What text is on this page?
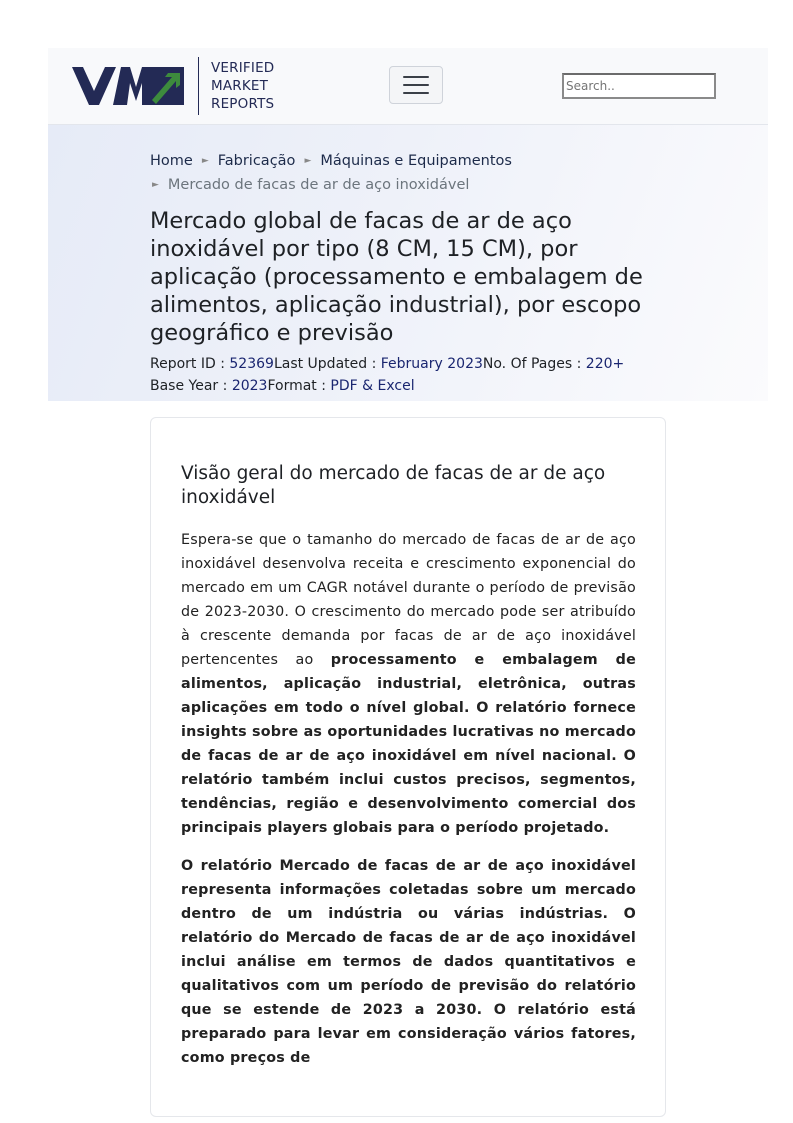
VERIFIED
MARKET
REPORTS
Search..
Home ► Fabricação ► Máquinas e Equipamentos
► Mercado de facas de ar de aço inoxidável
Mercado global de facas de ar de aço inoxidável por tipo (8 CM, 15 CM), por aplicação (processamento e embalagem de alimentos, aplicação industrial), por escopo geográfico e previsão
Report ID : 52369Last Updated : February 2023No. Of Pages : 220+
Base Year : 2023Format : PDF & Excel
Visão geral do mercado de facas de ar de aço inoxidável

Espera-se que o tamanho do mercado de facas de ar de aço inoxidável desenvolva receita e crescimento exponencial do mercado em um CAGR notável durante o período de previsão de 2023-2030. O crescimento do mercado pode ser atribuído à crescente demanda por facas de ar de aço inoxidável pertencentes ao processamento e embalagem de alimentos, aplicação industrial, eletrônica, outras aplicações em todo o nível global. O relatório fornece insights sobre as oportunidades lucrativas no mercado de facas de ar de aço inoxidável em nível nacional. O relatório também inclui custos precisos, segmentos, tendências, região e desenvolvimento comercial dos principais players globais para o período projetado.

O relatório Mercado de facas de ar de aço inoxidável representa informações coletadas sobre um mercado dentro de um indústria ou várias indústrias. O relatório do Mercado de facas de ar de aço inoxidável inclui análise em termos de dados quantitativos e qualitativos com um período de previsão do relatório que se estende de 2023 a 2030. O relatório está preparado para levar em consideração vários fatores, como preços de
